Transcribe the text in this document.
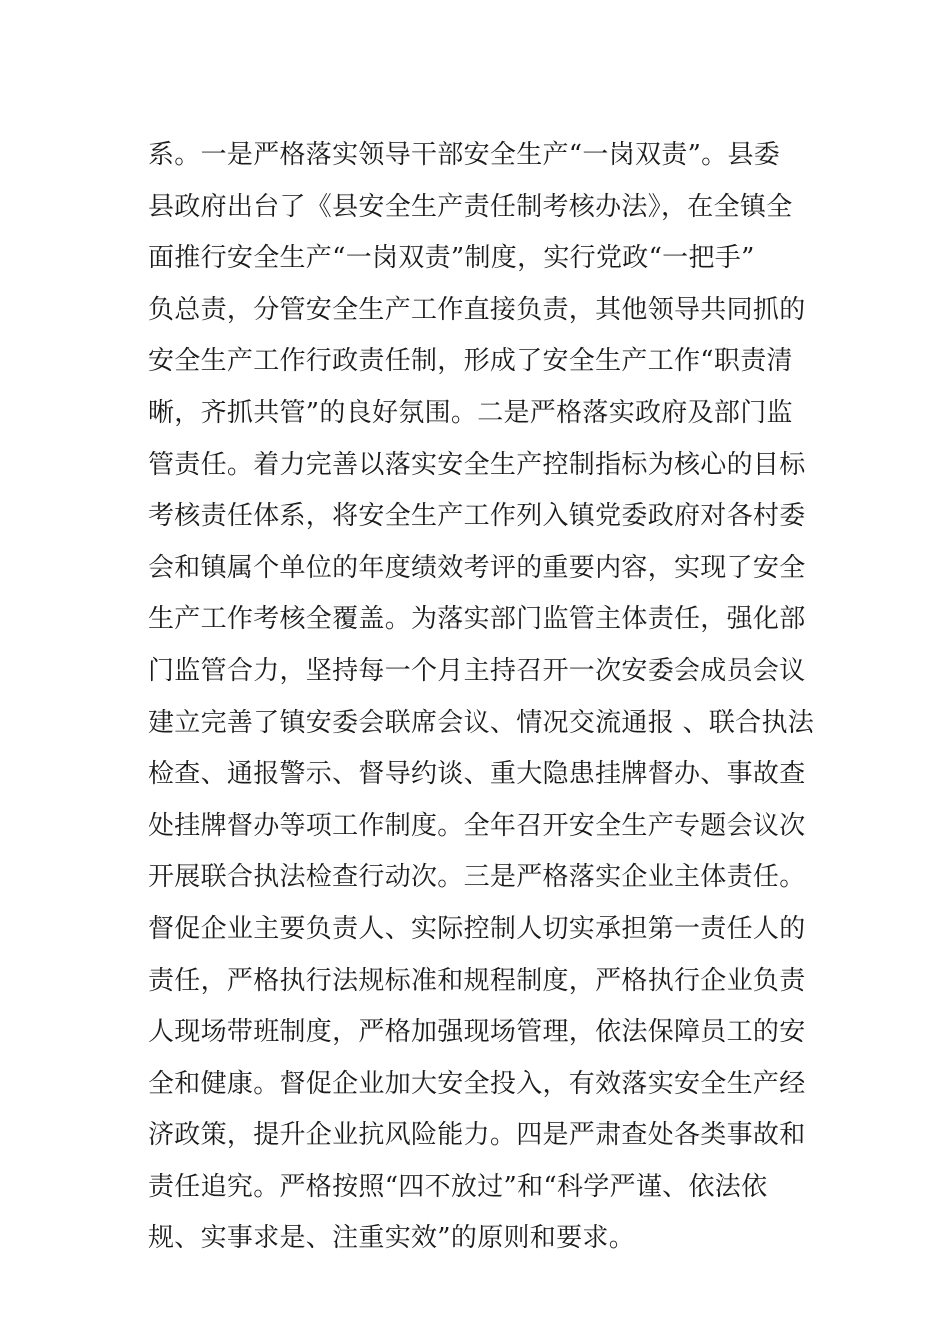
系。一是严格落实领导干部安全生产“一岗双责”。县委
县政府出台了《县安全生产责任制考核办法》，在全镇全
面推行安全生产“一岗双责”制度，实行党政“一把手”
负总责，分管安全生产工作直接负责，其他领导共同抓的
安全生产工作行政责任制，形成了安全生产工作“职责清
晰，齐抓共管”的良好氛围。二是严格落实政府及部门监
管责任。着力完善以落实安全生产控制指标为核心的目标
考核责任体系，将安全生产工作列入镇党委政府对各村委
会和镇属个单位的年度绩效考评的重要内容，实现了安全
生产工作考核全覆盖。为落实部门监管主体责任，强化部
门监管合力，坚持每一个月主持召开一次安委会成员会议
建立完善了镇安委会联席会议、情况交流通报 、联合执法
检查、通报警示、督导约谈、重大隐患挂牌督办、事故查
处挂牌督办等项工作制度。全年召开安全生产专题会议次
开展联合执法检查行动次。三是严格落实企业主体责任。
督促企业主要负责人、实际控制人切实承担第一责任人的
责任，严格执行法规标准和规程制度，严格执行企业负责
人现场带班制度，严格加强现场管理，依法保障员工的安
全和健康。督促企业加大安全投入，有效落实安全生产经
济政策，提升企业抗风险能力。四是严肃查处各类事故和
责任追究。严格按照“四不放过”和“科学严谨、依法依
规、实事求是、注重实效”的原则和要求。
